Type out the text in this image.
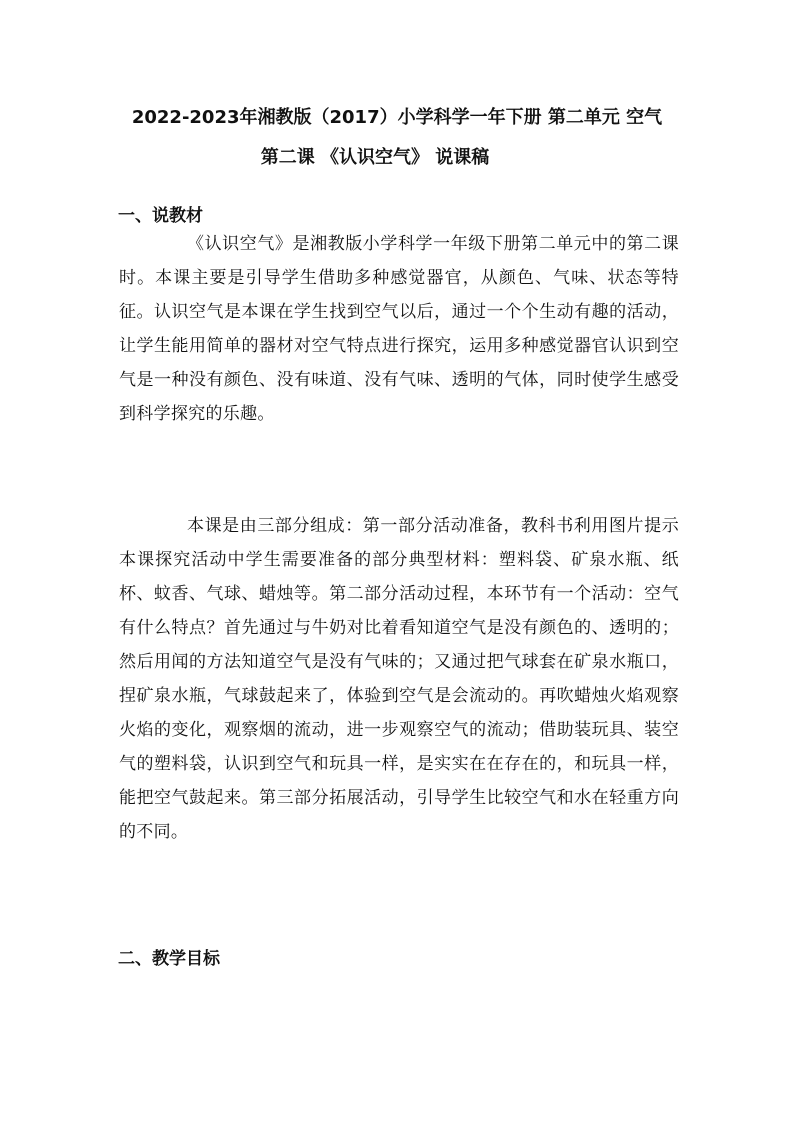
2022-2023年湘教版（2017）小学科学一年下册 第二单元 空气
第二课 《认识空气》 说课稿
一、说教材
《认识空气》是湘教版小学科学一年级下册第二单元中的第二课时。本课主要是引导学生借助多种感觉器官，从颜色、气味、状态等特征。认识空气是本课在学生找到空气以后，通过一个个生动有趣的活动，让学生能用简单的器材对空气特点进行探究，运用多种感觉器官认识到空气是一种没有颜色、没有味道、没有气味、透明的气体，同时使学生感受到科学探究的乐趣。
本课是由三部分组成：第一部分活动准备，教科书利用图片提示本课探究活动中学生需要准备的部分典型材料：塑料袋、矿泉水瓶、纸杯、蚊香、气球、蜡烛等。第二部分活动过程，本环节有一个活动：空气有什么特点？首先通过与牛奶对比着看知道空气是没有颜色的、透明的；然后用闻的方法知道空气是没有气味的；又通过把气球套在矿泉水瓶口，捏矿泉水瓶，气球鼓起来了，体验到空气是会流动的。再吹蜡烛火焰观察火焰的变化，观察烟的流动，进一步观察空气的流动；借助装玩具、装空气的塑料袋，认识到空气和玩具一样，是实实在在存在的，和玩具一样，能把空气鼓起来。第三部分拓展活动，引导学生比较空气和水在轻重方向的不同。
二、教学目标
